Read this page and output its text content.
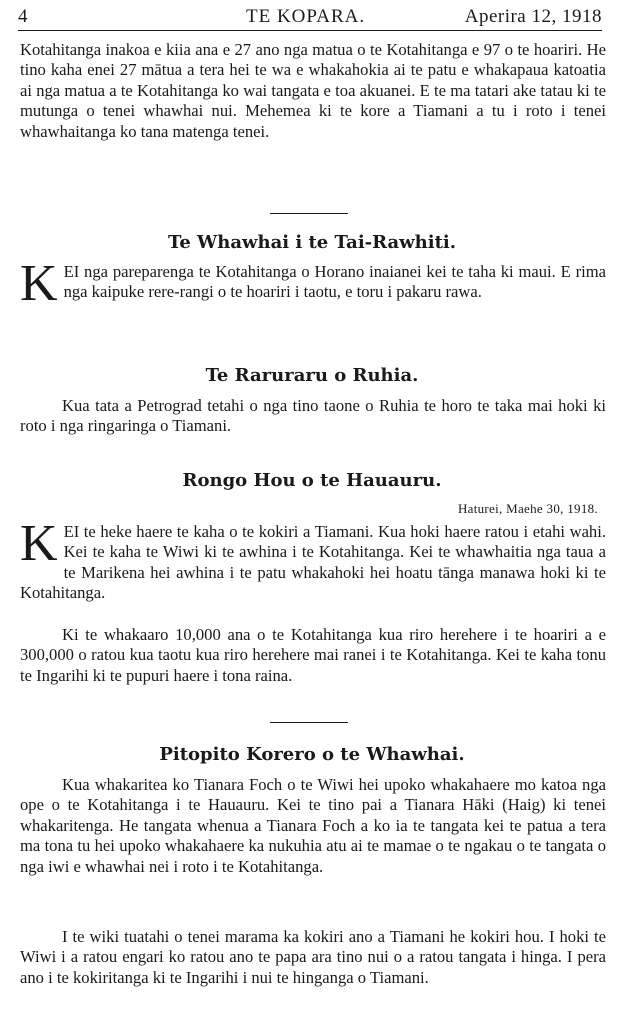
4	TE KOPARA.	Aperira 12, 1918

Kotahitanga inakoa e kiia ana e 27 ano nga matua o te Kotahitanga e 97 o te hoariri. He tino kaha enei 27 mātua a tera hei te wa e whakahokia ai te patu e whakapaua katoatia ai nga matua a te Kotahitanga ko wai tangata e toa akuanei. E te ma tatari ake tatau ki te mutunga o tenei whawhai nui. Mehemea ki te kore a Tiamani a tu i roto i tenei whawhaitanga ko tana matenga tenei.

Te Whawhai i te Tai-Rawhiti.

KEI nga pareparenga te Kotahitanga o Horano inaianei kei te taha ki maui. E rima nga kaipuke rere-rangi o te hoariri i taotu, e toru i pakaru rawa.

Te Raruraru o Ruhia.

Kua tata a Petrograd tetahi o nga tino taone o Ruhia te horo te taka mai hoki ki roto i nga ringaringa o Tiamani.

Rongo Hou o te Hauauru.
Haturei, Maehe 30, 1918.

KEI te heke haere te kaha o te kokiri a Tiamani. Kua hoki haere ratou i etahi wahi. Kei te kaha te Wiwi ki te awhina i te Kotahitanga. Kei te whawhaitia nga taua a te Marikena hei awhina i te patu whakahoki hei hoatu tānga manawa hoki ki te Kotahitanga.

Ki te whakaaro 10,000 ana o te Kotahitanga kua riro herehere i te hoariri a e 300,000 o ratou kua taotu kua riro herehere mai ranei i te Kotahitanga. Kei te kaha tonu te Ingarihi ki te pupuri haere i tona raina.

Pitopito Korero o te Whawhai.

Kua whakaritea ko Tianara Foch o te Wiwi hei upoko whakahaere mo katoa nga ope o te Kotahitanga i te Hauauru. Kei te tino pai a Tianara Hāki (Haig) ki tenei whakaritenga. He tangata whenua a Tianara Foch a ko ia te tangata kei te patua a tera ma tona tu hei upoko whakahaere ka nukuhia atu ai te mamae o te ngakau o te tangata o nga iwi e whawhai nei i roto i te Kotahitanga.

I te wiki tuatahi o tenei marama ka kokiri ano a Tiamani he kokiri hou. I hoki te Wiwi i a ratou engari ko ratou ano te papa ara tino nui o a ratou tangata i hinga. I pera ano i te kokiritanga ki te Ingarihi i nui te hinganga o Tiamani.
